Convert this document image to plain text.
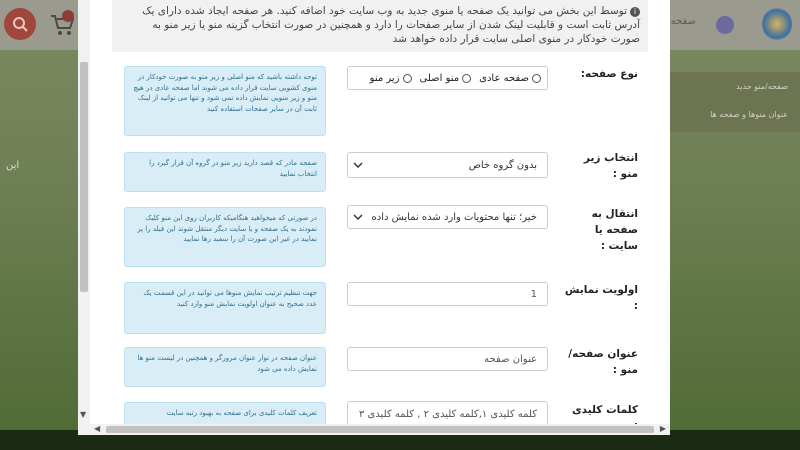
صفحه
صفحه/منو جدید
عنوان منوها و صفحه ها
این
iتوسط این بخش می توانید یک صفحه یا منوی جدید به وب سایت خود اضافه کنید. هر صفحه ایجاد شده دارای یک آدرس ثابت است و قابلیت لینک شدن از سایر صفحات را دارد و همچنین در صورت انتخاب گزینه منو یا زیر منو به صورت خودکار در منوی اصلی سایت قرار داده خواهد شد
نوع صفحه:
صفحه عادی
منو اصلی
زیر منو
توجه داشته باشید که منو اصلی و زیر منو به صورت خودکار در منوی کشویی سایت قرار داده می شوند اما صفحه عادی در هیچ منو و زیر منویی نمایش داده نمی شود و تنها می توانید از لینک ثابت آن در سایر صفحات استفاده کنید
انتخاب زیر منو :
بدون گروه خاص
صفحه مادر که قصد دارید زیر منو در گروه آن قرار گیرد را انتخاب نمایید
انتقال به صفحه یا سایت :
خیر؛ تنها محتویات وارد شده نمایش داده
در صورتی که میخواهید هنگامیکه کاربران روی این منو کلیک نمودند به یک صفحه و یا سایت دیگر منتقل شوند این فیلد را پر نمایید در غیر این صورت آن را سفید رها نمایید
اولویت نمایش :
1
جهت تنظیم ترتیب نمایش منوها می توانید در این قسمت یک عدد صحیح به عنوان اولویت نمایش منو وارد کنید
عنوان صفحه/ منو :
عنوان صفحه
عنوان صفحه در نوار عنوان مرورگر و همچنین در لیست منو ها نمایش داده می شود
کلمات کلیدی
کلمه کلیدی ۱,کلمه کلیدی ۲ , کلمه کلیدی ۳
تعریف کلمات کلیدی برای صفحه به بهبود رتبه سایت
▼
◀	▶
